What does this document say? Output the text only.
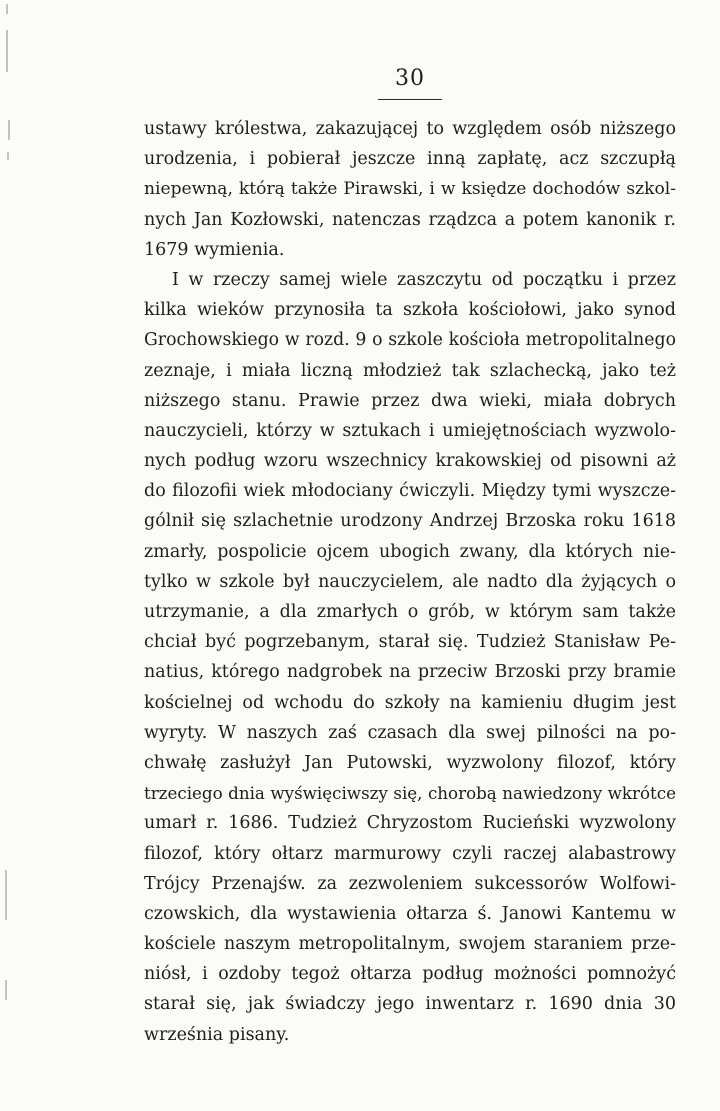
30
ustawy królestwa, zakazującej to względem osób niższego
urodzenia, i pobierał jeszcze inną zapłatę, acz szczupłą
niepewną, którą także Pirawski, i w księdze dochodów szkol-
nych Jan Kozłowski, natenczas rządzca a potem kanonik r.
1679 wymienia.
I w rzeczy samej wiele zaszczytu od początku i przez
kilka wieków przynosiła ta szkoła kościołowi, jako synod
Grochowskiego w rozd. 9 o szkole kościoła metropolitalnego
zeznaje, i miała liczną młodzież tak szlachecką, jako też
niższego stanu. Prawie przez dwa wieki, miała dobrych
nauczycieli, którzy w sztukach i umiejętnościach wyzwolo-
nych podług wzoru wszechnicy krakowskiej od pisowni aż
do filozofii wiek młodociany ćwiczyli. Między tymi wyszcze-
gólnił się szlachetnie urodzony Andrzej Brzoska roku 1618
zmarły, pospolicie ojcem ubogich zwany, dla których nie-
tylko w szkole był nauczycielem, ale nadto dla żyjących o
utrzymanie, a dla zmarłych o grób, w którym sam także
chciał być pogrzebanym, starał się. Tudzież Stanisław Pe-
natius, którego nadgrobek na przeciw Brzoski przy bramie
kościelnej od wchodu do szkoły na kamieniu długim jest
wyryty. W naszych zaś czasach dla swej pilności na po-
chwałę zasłużył Jan Putowski, wyzwolony filozof, który
trzeciego dnia wyświęciwszy się, chorobą nawiedzony wkrótce
umarł r. 1686. Tudzież Chryzostom Rucieński wyzwolony
filozof, który ołtarz marmurowy czyli raczej alabastrowy
Trójcy Przenajśw. za zezwoleniem sukcessorów Wolfowi-
czowskich, dla wystawienia ołtarza ś. Janowi Kantemu w
kościele naszym metropolitalnym, swojem staraniem prze-
niósł, i ozdoby tegoż ołtarza podług możności pomnożyć
starał się, jak świadczy jego inwentarz r. 1690 dnia 30
września pisany.
